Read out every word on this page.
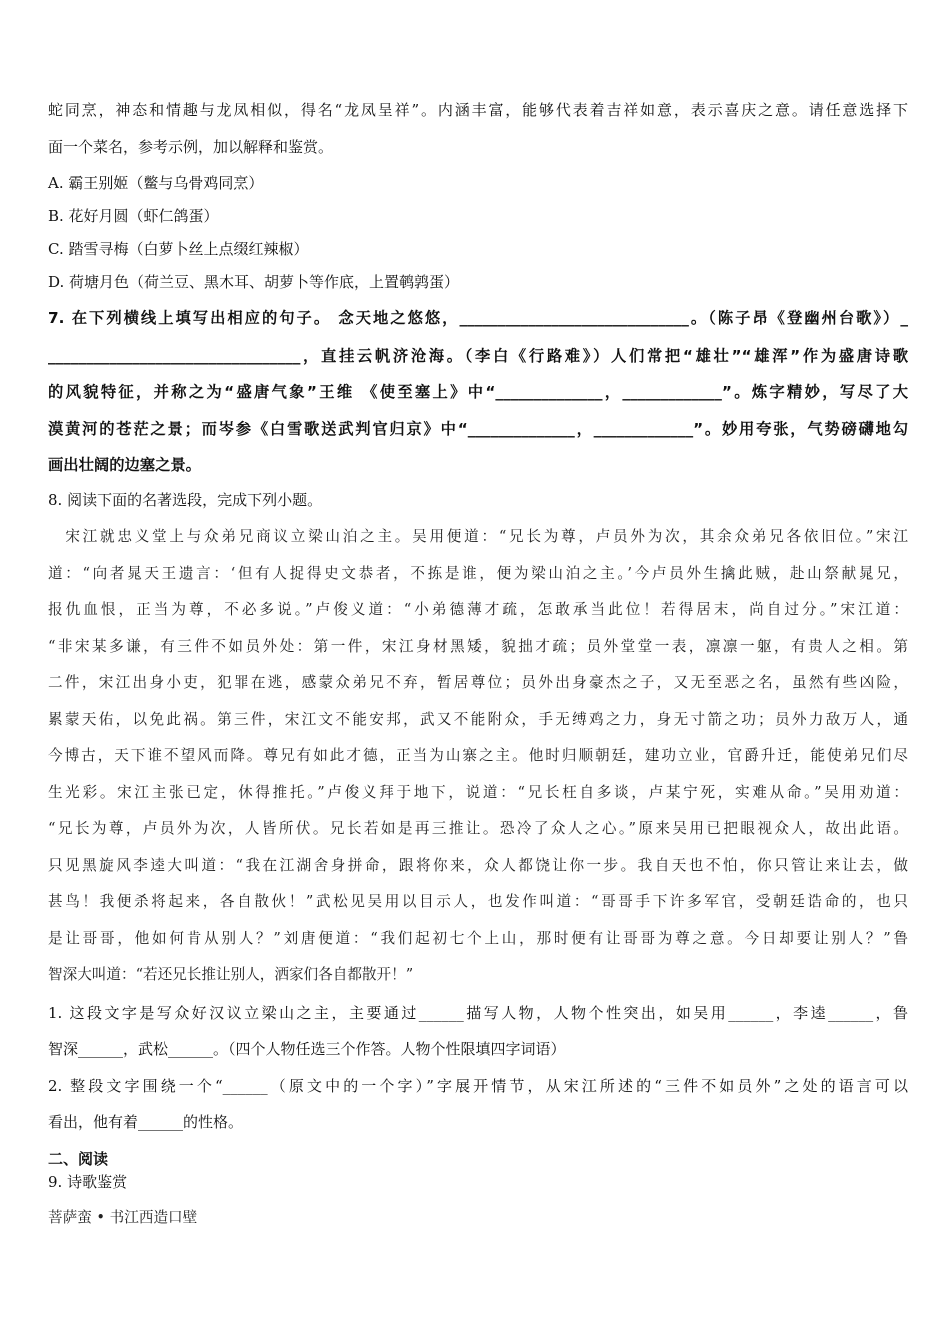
蛇同烹，神态和情趣与龙凤相似，得名“龙凤呈祥”。内涵丰富，能够代表着吉祥如意，表示喜庆之意。请任意选择下
面一个菜名，参考示例，加以解释和鉴赏。
A. 霸王别姬（鳖与乌骨鸡同烹）
B. 花好月圆（虾仁鸽蛋）
C. 踏雪寻梅（白萝卜丝上点缀红辣椒）
D. 荷塘月色（荷兰豆、黑木耳、胡萝卜等作底，上置鹌鹑蛋）
7. 在下列横线上填写出相应的句子。 念天地之悠悠，______________________________。（陈子昂《登幽州台歌》）_
_________________________________，直挂云帆济沧海。（李白《行路难》）人们常把“雄壮”“雄浑”作为盛唐诗歌
的风貌特征，并称之为“盛唐气象”王维 《使至塞上》中“______________，_____________”。炼字精妙，写尽了大
漠黄河的苍茫之景；而岑参《白雪歌送武判官归京》中“______________，_____________”。妙用夸张，气势磅礴地勾
画出壮阔的边塞之景。
8. 阅读下面的名著选段，完成下列小题。
　宋江就忠义堂上与众弟兄商议立梁山泊之主。吴用便道：“兄长为尊，卢员外为次，其余众弟兄各依旧位。”宋江
道：“向者晁天王遗言：‘但有人捉得史文恭者，不拣是谁，便为梁山泊之主。’今卢员外生擒此贼，赴山祭献晁兄，
报仇血恨，正当为尊，不必多说。”卢俊义道：“小弟德薄才疏，怎敢承当此位！若得居末，尚自过分。”宋江道：
“非宋某多谦，有三件不如员外处：第一件，宋江身材黑矮，貌拙才疏；员外堂堂一表，凛凛一躯，有贵人之相。第
二件，宋江出身小吏，犯罪在逃，感蒙众弟兄不弃，暂居尊位；员外出身豪杰之子，又无至恶之名，虽然有些凶险，
累蒙天佑，以免此祸。第三件，宋江文不能安邦，武又不能附众，手无缚鸡之力，身无寸箭之功；员外力敌万人，通
今博古，天下谁不望风而降。尊兄有如此才德，正当为山寨之主。他时归顺朝廷，建功立业，官爵升迁，能使弟兄们尽
生光彩。宋江主张已定，休得推托。”卢俊义拜于地下，说道：“兄长枉自多谈，卢某宁死，实难从命。”吴用劝道：
“兄长为尊，卢员外为次，人皆所伏。兄长若如是再三推让。恐冷了众人之心。”原来吴用已把眼视众人，故出此语。
只见黑旋风李逵大叫道：“我在江湖舍身拼命，跟将你来，众人都饶让你一步。我自天也不怕，你只管让来让去，做
甚鸟！我便杀将起来，各自散伙！”武松见吴用以目示人，也发作叫道：“哥哥手下许多军官，受朝廷诰命的，也只
是让哥哥，他如何肯从别人？”刘唐便道：“我们起初七个上山，那时便有让哥哥为尊之意。今日却要让别人？”鲁
智深大叫道：“若还兄长推让别人，洒家们各自都散开！”
1. 这段文字是写众好汉议立梁山之主，主要通过______描写人物，人物个性突出，如吴用______，李逵______，鲁
智深______，武松______。（四个人物任选三个作答。人物个性限填四字词语）
2. 整段文字围绕一个“______（原文中的一个字）”字展开情节，从宋江所述的“三件不如员外”之处的语言可以
看出，他有着______的性格。
二、阅读
9. 诗歌鉴赏
菩萨蛮 • 书江西造口壁
